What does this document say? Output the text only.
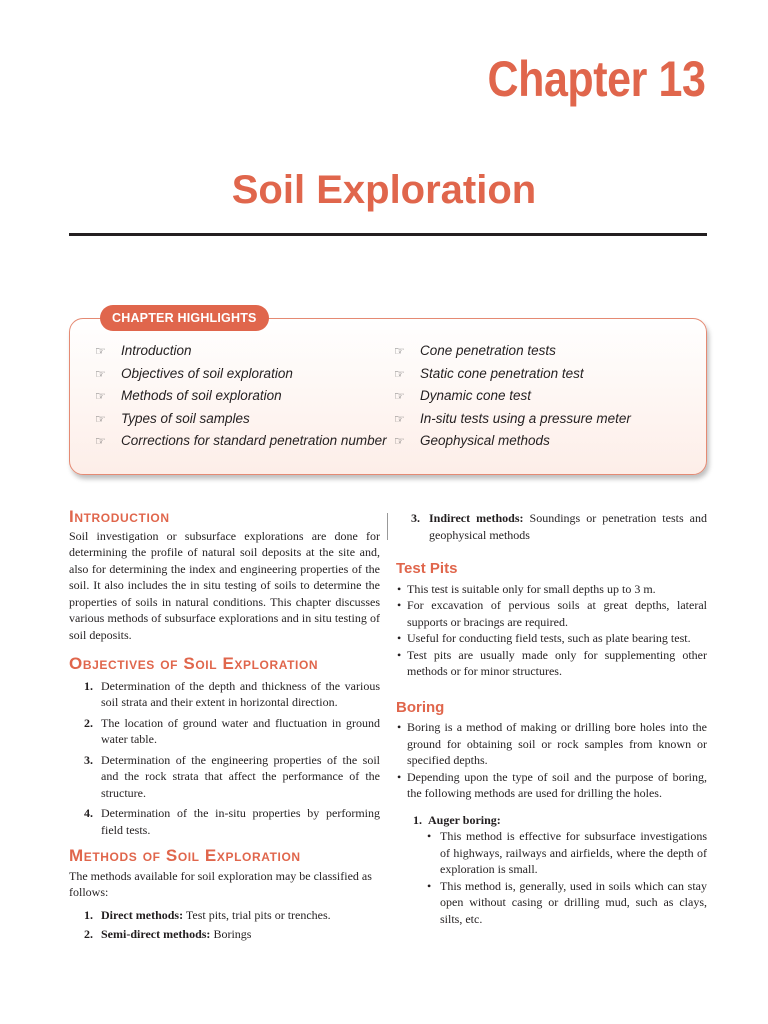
Chapter 13
Soil Exploration
CHAPTER HIGHLIGHTS
☞ Introduction
☞ Objectives of soil exploration
☞ Methods of soil exploration
☞ Types of soil samples
☞ Corrections for standard penetration number
☞ Cone penetration tests
☞ Static cone penetration test
☞ Dynamic cone test
☞ In-situ tests using a pressure meter
☞ Geophysical methods
Introduction

Soil investigation or subsurface explorations are done for determining the profile of natural soil deposits at the site and, also for determining the index and engineering properties of the soil. It also includes the in situ testing of soils to determine the properties of soils in natural conditions. This chapter discusses various methods of subsurface explorations and in situ testing of soil deposits.

Objectives of Soil Exploration
1. Determination of the depth and thickness of the various soil strata and their extent in horizontal direction.
2. The location of ground water and fluctuation in ground water table.
3. Determination of the engineering properties of the soil and the rock strata that affect the performance of the structure.
4. Determination of the in-situ properties by performing field tests.
Methods of Soil Exploration

The methods available for soil exploration may be classified as follows:

1. Direct methods: Test pits, trial pits or trenches.
2. Semi-direct methods: Borings
3. Indirect methods: Soundings or penetration tests and geophysical methods
Test Pits
• This test is suitable only for small depths up to 3 m.
• For excavation of pervious soils at great depths, lateral supports or bracings are required.
• Useful for conducting field tests, such as plate bearing test.
• Test pits are usually made only for supplementing other methods or for minor structures.
Boring
• Boring is a method of making or drilling bore holes into the ground for obtaining soil or rock samples from known or specified depths.
• Depending upon the type of soil and the purpose of boring, the following methods are used for drilling the holes.
1. Auger boring:
• This method is effective for subsurface investigations of highways, railways and airfields, where the depth of exploration is small.
• This method is, generally, used in soils which can stay open without casing or drilling mud, such as clays, silts, etc.
